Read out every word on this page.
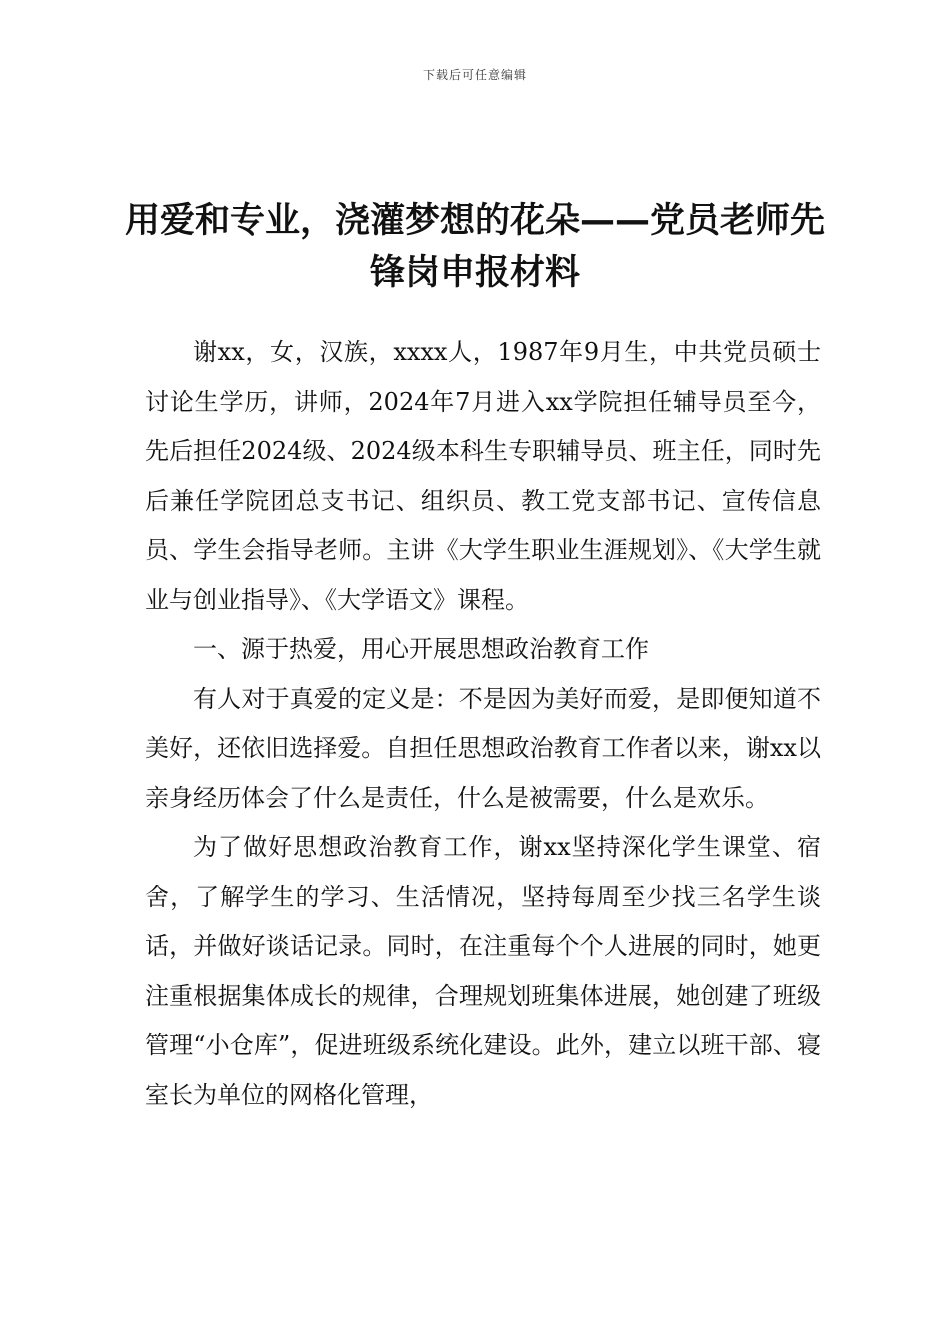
下载后可任意编辑
用爱和专业，浇灌梦想的花朵——党员老师先锋岗申报材料

谢xx，女，汉族，xxxx人，1987年9月生，中共党员硕士讨论生学历，讲师，2024年7月进入xx学院担任辅导员至今，先后担任2024级、2024级本科生专职辅导员、班主任，同时先后兼任学院团总支书记、组织员、教工党支部书记、宣传信息员、学生会指导老师。主讲《大学生职业生涯规划》、《大学生就业与创业指导》、《大学语文》课程。

一、源于热爱，用心开展思想政治教育工作

有人对于真爱的定义是：不是因为美好而爱，是即便知道不美好，还依旧选择爱。自担任思想政治教育工作者以来，谢xx以亲身经历体会了什么是责任，什么是被需要，什么是欢乐。

为了做好思想政治教育工作，谢xx坚持深化学生课堂、宿舍，了解学生的学习、生活情况，坚持每周至少找三名学生谈话，并做好谈话记录。同时，在注重每个个人进展的同时，她更注重根据集体成长的规律，合理规划班集体进展，她创建了班级管理“小仓库”，促进班级系统化建设。此外，建立以班干部、寝室长为单位的网格化管理，
